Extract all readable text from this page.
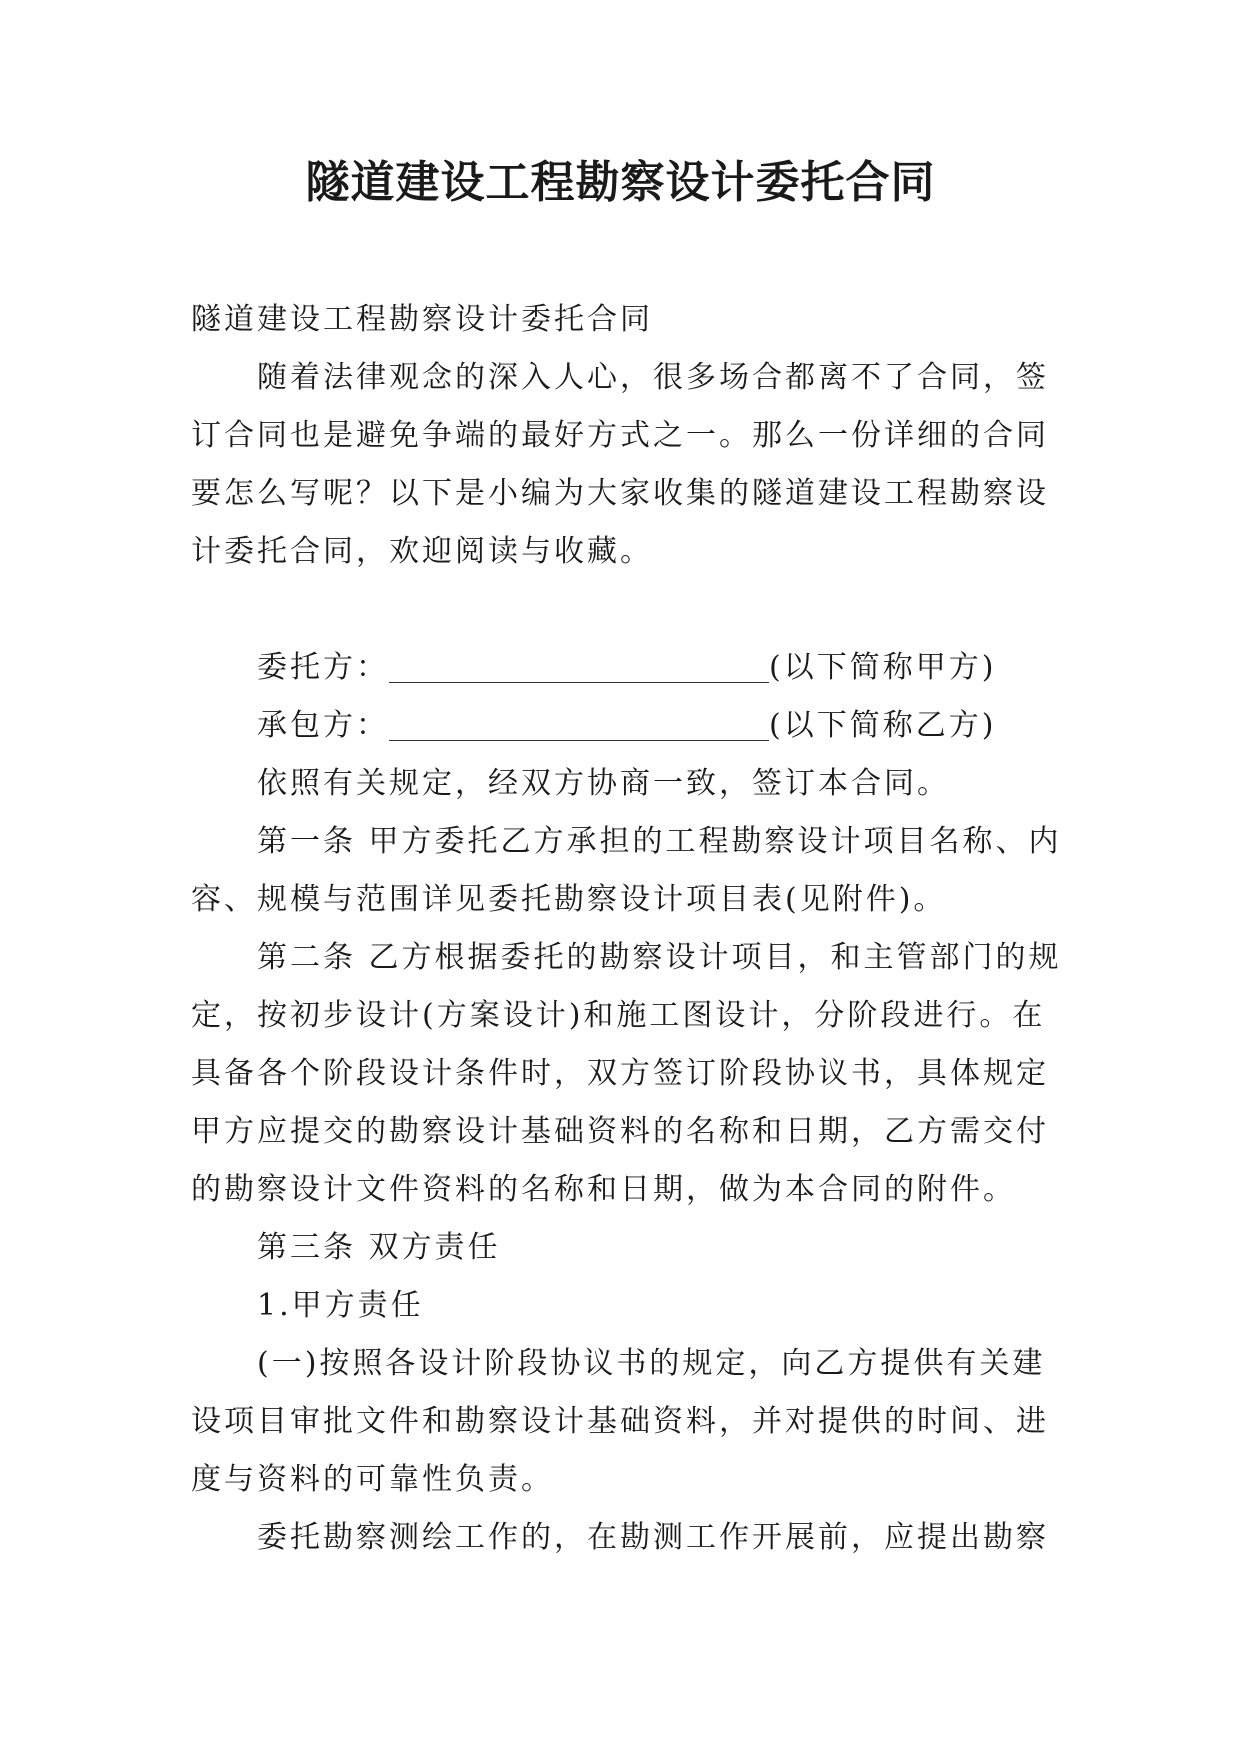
隧道建设工程勘察设计委托合同

隧道建设工程勘察设计委托合同

随着法律观念的深入人心，很多场合都离不了合同，签订合同也是避免争端的最好方式之一。那么一份详细的合同要怎么写呢？以下是小编为大家收集的隧道建设工程勘察设计委托合同，欢迎阅读与收藏。

委托方：	(以下简称甲方)

承包方：	(以下简称乙方)

依照有关规定，经双方协商一致，签订本合同。

第一条 甲方委托乙方承担的工程勘察设计项目名称、内容、规模与范围详见委托勘察设计项目表(见附件)。

第二条 乙方根据委托的勘察设计项目，和主管部门的规定，按初步设计(方案设计)和施工图设计，分阶段进行。在具备各个阶段设计条件时，双方签订阶段协议书，具体规定甲方应提交的勘察设计基础资料的名称和日期，乙方需交付的勘察设计文件资料的名称和日期，做为本合同的附件。

第三条 双方责任

1.甲方责任

(一)按照各设计阶段协议书的规定，向乙方提供有关建设项目审批文件和勘察设计基础资料，并对提供的时间、进度与资料的可靠性负责。

委托勘察测绘工作的，在勘测工作开展前，应提出勘察
